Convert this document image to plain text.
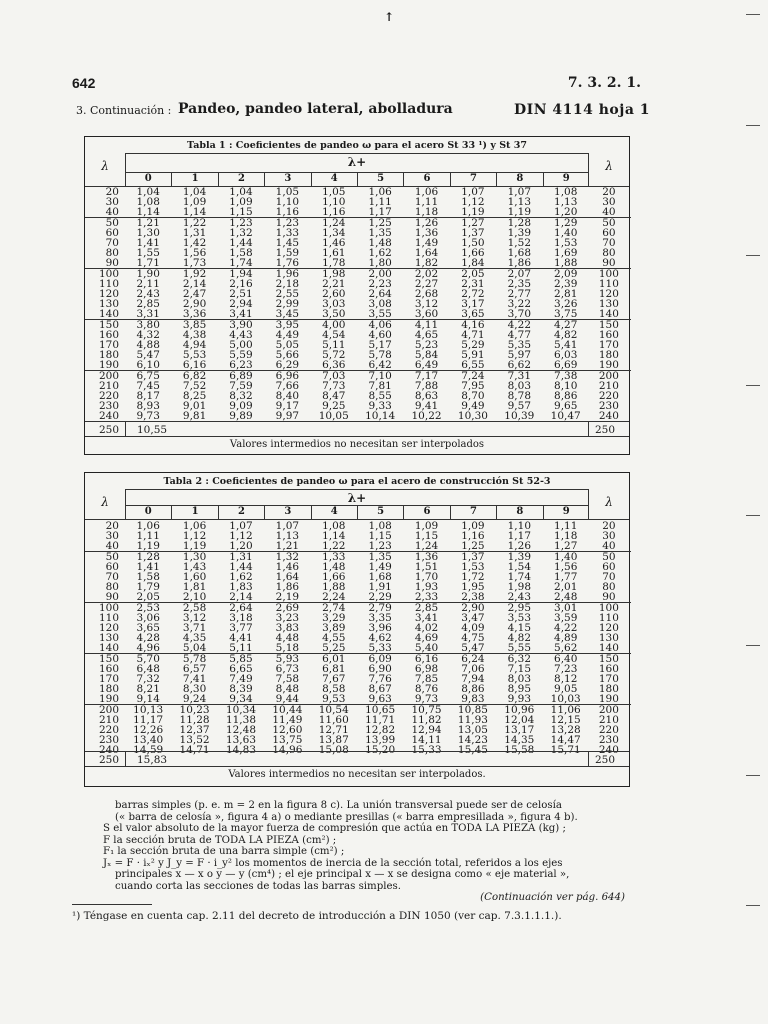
↑
642	7. 3. 2. 1.
3. Continuación : Pandeo, pandeo lateral, abolladura	DIN 4114 hoja 1
Tabla 1 : Coeficientes de pandeo ω para el acero St 33 ¹) y St 37
λ	λ
λ+
0	1	2	3	4	5	6	7	8	9
20	1,04	1,04	1,04	1,05	1,05	1,06	1,06	1,07	1,07	1,08	20
30	1,08	1,09	1,09	1,10	1,10	1,11	1,11	1,12	1,13	1,13	30
40	1,14	1,14	1,15	1,16	1,16	1,17	1,18	1,19	1,19	1,20	40
50	1,21	1,22	1,23	1,23	1,24	1,25	1,26	1,27	1,28	1,29	50
60	1,30	1,31	1,32	1,33	1,34	1,35	1,36	1,37	1,39	1,40	60
70	1,41	1,42	1,44	1,45	1,46	1,48	1,49	1,50	1,52	1,53	70
80	1,55	1,56	1,58	1,59	1,61	1,62	1,64	1,66	1,68	1,69	80
90	1,71	1,73	1,74	1,76	1,78	1,80	1,82	1,84	1,86	1,88	90
100	1,90	1,92	1,94	1,96	1,98	2,00	2,02	2,05	2,07	2,09	100
110	2,11	2,14	2,16	2,18	2,21	2,23	2,27	2,31	2,35	2,39	110
120	2,43	2,47	2,51	2,55	2,60	2,64	2,68	2,72	2,77	2,81	120
130	2,85	2,90	2,94	2,99	3,03	3,08	3,12	3,17	3,22	3,26	130
140	3,31	3,36	3,41	3,45	3,50	3,55	3,60	3,65	3,70	3,75	140
150	3,80	3,85	3,90	3,95	4,00	4,06	4,11	4,16	4,22	4,27	150
160	4,32	4,38	4,43	4,49	4,54	4,60	4,65	4,71	4,77	4,82	160
170	4,88	4,94	5,00	5,05	5,11	5,17	5,23	5,29	5,35	5,41	170
180	5,47	5,53	5,59	5,66	5,72	5,78	5,84	5,91	5,97	6,03	180
190	6,10	6,16	6,23	6,29	6,36	6,42	6,49	6,55	6,62	6,69	190
200	6,75	6,82	6,89	6,96	7,03	7,10	7,17	7,24	7,31	7,38	200
210	7,45	7,52	7,59	7,66	7,73	7,81	7,88	7,95	8,03	8,10	210
220	8,17	8,25	8,32	8,40	8,47	8,55	8,63	8,70	8,78	8,86	220
230	8,93	9,01	9,09	9,17	9,25	9,33	9,41	9,49	9,57	9,65	230
240	9,73	9,81	9,89	9,97	10,05	10,14	10,22	10,30	10,39	10,47	240
250 10,55	250
Valores intermedios no necesitan ser interpolados
Tabla 2 : Coeficientes de pandeo ω para el acero de construcción St 52-3
λ	λ
λ+
0	1	2	3	4	5	6	7	8	9
20	1,06	1,06	1,07	1,07	1,08	1,08	1,09	1,09	1,10	1,11	20
30	1,11	1,12	1,12	1,13	1,14	1,15	1,15	1,16	1,17	1,18	30
40	1,19	1,19	1,20	1,21	1,22	1,23	1,24	1,25	1,26	1,27	40
50	1,28	1,30	1,31	1,32	1,33	1,35	1,36	1,37	1,39	1,40	50
60	1,41	1,43	1,44	1,46	1,48	1,49	1,51	1,53	1,54	1,56	60
70	1,58	1,60	1,62	1,64	1,66	1,68	1,70	1,72	1,74	1,77	70
80	1,79	1,81	1,83	1,86	1,88	1,91	1,93	1,95	1,98	2,01	80
90	2,05	2,10	2,14	2,19	2,24	2,29	2,33	2,38	2,43	2,48	90
100	2,53	2,58	2,64	2,69	2,74	2,79	2,85	2,90	2,95	3,01	100
110	3,06	3,12	3,18	3,23	3,29	3,35	3,41	3,47	3,53	3,59	110
120	3,65	3,71	3,77	3,83	3,89	3,96	4,02	4,09	4,15	4,22	120
130	4,28	4,35	4,41	4,48	4,55	4,62	4,69	4,75	4,82	4,89	130
140	4,96	5,04	5,11	5,18	5,25	5,33	5,40	5,47	5,55	5,62	140
150	5,70	5,78	5,85	5,93	6,01	6,09	6,16	6,24	6,32	6,40	150
160	6,48	6,57	6,65	6,73	6,81	6,90	6,98	7,06	7,15	7,23	160
170	7,32	7,41	7,49	7,58	7,67	7,76	7,85	7,94	8,03	8,12	170
180	8,21	8,30	8,39	8,48	8,58	8,67	8,76	8,86	8,95	9,05	180
190	9,14	9,24	9,34	9,44	9,53	9,63	9,73	9,83	9,93	10,03	190
200	10,13	10,23	10,34	10,44	10,54	10,65	10,75	10,85	10,96	11,06	200
210	11,17	11,28	11,38	11,49	11,60	11,71	11,82	11,93	12,04	12,15	210
220	12,26	12,37	12,48	12,60	12,71	12,82	12,94	13,05	13,17	13,28	220
230	13,40	13,52	13,63	13,75	13,87	13,99	14,11	14,23	14,35	14,47	230
240	14,59	14,71	14,83	14,96	15,08	15,20	15,33	15,45	15,58	15,71	240
250 15,83	250
Valores intermedios no necesitan ser interpolados.
barras simples (p. e. m = 2 en la figura 8 c). La unión transversal puede ser de celosía
(« barra de celosía », figura 4 a) o mediante presillas (« barra empresillada », figura 4 b).
S el valor absoluto de la mayor fuerza de compresión que actúa en TODA LA PIEZA (kg) ;
F la sección bruta de TODA LA PIEZA (cm²) ;
F₁ la sección bruta de una barra simple (cm²) ;
Jₓ = F · iₓ² y J_y = F · i_y² los momentos de inercia de la sección total, referidos a los ejes
principales x — x o y — y (cm⁴) ; el eje principal x — x se designa como « eje material »,
cuando corta las secciones de todas las barras simples.
(Continuación ver pág. 644)
¹) Téngase en cuenta cap. 2.11 del decreto de introducción a DIN 1050 (ver cap. 7.3.1.1.1.).
